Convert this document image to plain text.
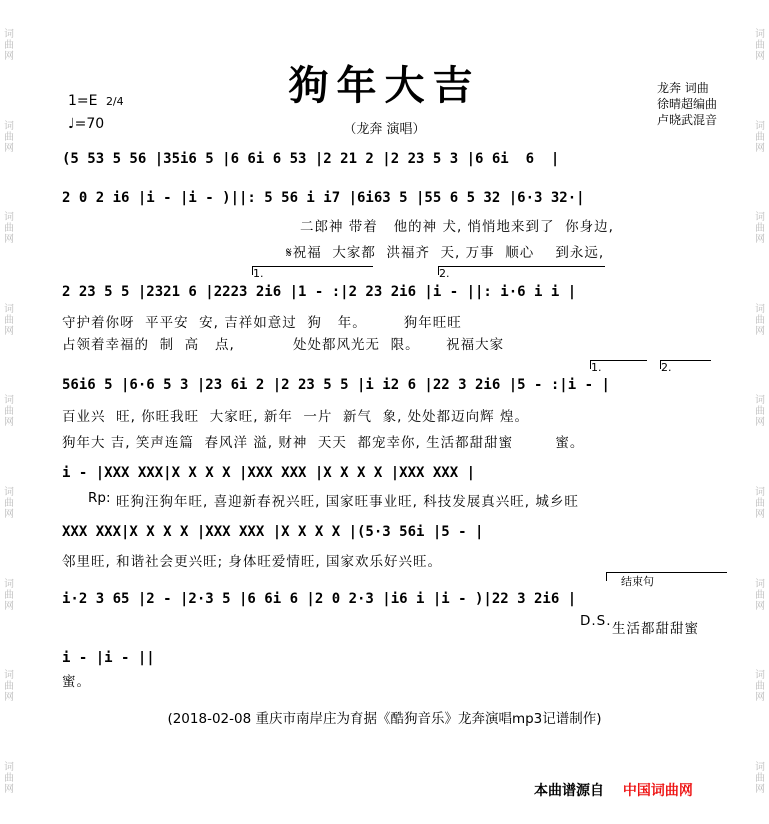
词
曲
网
词
曲
网
词
曲
网
词
曲
网
词
曲
网
词
曲
网
词
曲
网
词
曲
网
词
曲
网
词
曲
网
词
曲
网
词
曲
网
词
曲
网
词
曲
网
词
曲
网
词
曲
网
词
曲
网
词
曲
网
狗年大吉
（龙奔 演唱）
1=E 2/4
♩=70
龙奔 词曲
徐晴超编曲
卢晓武混音
(5 53 5 56 |35i6 5 |6 6i 6 53 |2 21 2 |2 23 5 3 |6 6i  6  |
2 0 2 i6 |i - |i - )||: 5 56 i i7 |6i63 5 |55 6 5 32 |6·3 32·|
二郎神 带着   他的神 犬, 悄悄地来到了  你身边,
𝄋祝福  大家都  洪福齐  天, 万事  顺心    到永远,
1.	2.
2 23 5 5 |2321 6 |2223 2i6 |1 - :|2 23 2i6 |i - ||: i·6 i i |
守护着你呀  平平安  安, 吉祥如意过  狗   年。       狗年旺旺
占领着幸福的  制  高   点,           处处都风光无  限。     祝福大家
1.	2.
56i6 5 |6·6 5 3 |23 6i 2 |2 23 5 5 |i i2 6 |22 3 2i6 |5 - :|i - |
百业兴  旺, 你旺我旺  大家旺, 新年  一片  新气  象, 处处都迈向辉 煌。
狗年大 吉, 笑声连篇  春风洋 溢, 财神  天天  都宠幸你, 生活都甜甜蜜        蜜。
i - |XXX XXX|X X X X |XXX XXX |X X X X |XXX XXX |
Rp: 旺狗汪狗年旺, 喜迎新春祝兴旺, 国家旺事业旺, 科技发展真兴旺, 城乡旺
XXX XXX|X X X X |XXX XXX |X X X X |(5·3 56i |5 - |
邻里旺, 和谐社会更兴旺; 身体旺爱情旺, 国家欢乐好兴旺。
结束句
i·2 3 65 |2 - |2·3 5 |6 6i 6 |2 0 2·3 |i6 i |i - )|22 3 2i6 |
D.S. 生活都甜甜蜜
i - |i - ||
蜜。
(2018-02-08 重庆市南岸庄为育据《酷狗音乐》龙奔演唱mp3记谱制作)
本曲谱源自 中国词曲网
